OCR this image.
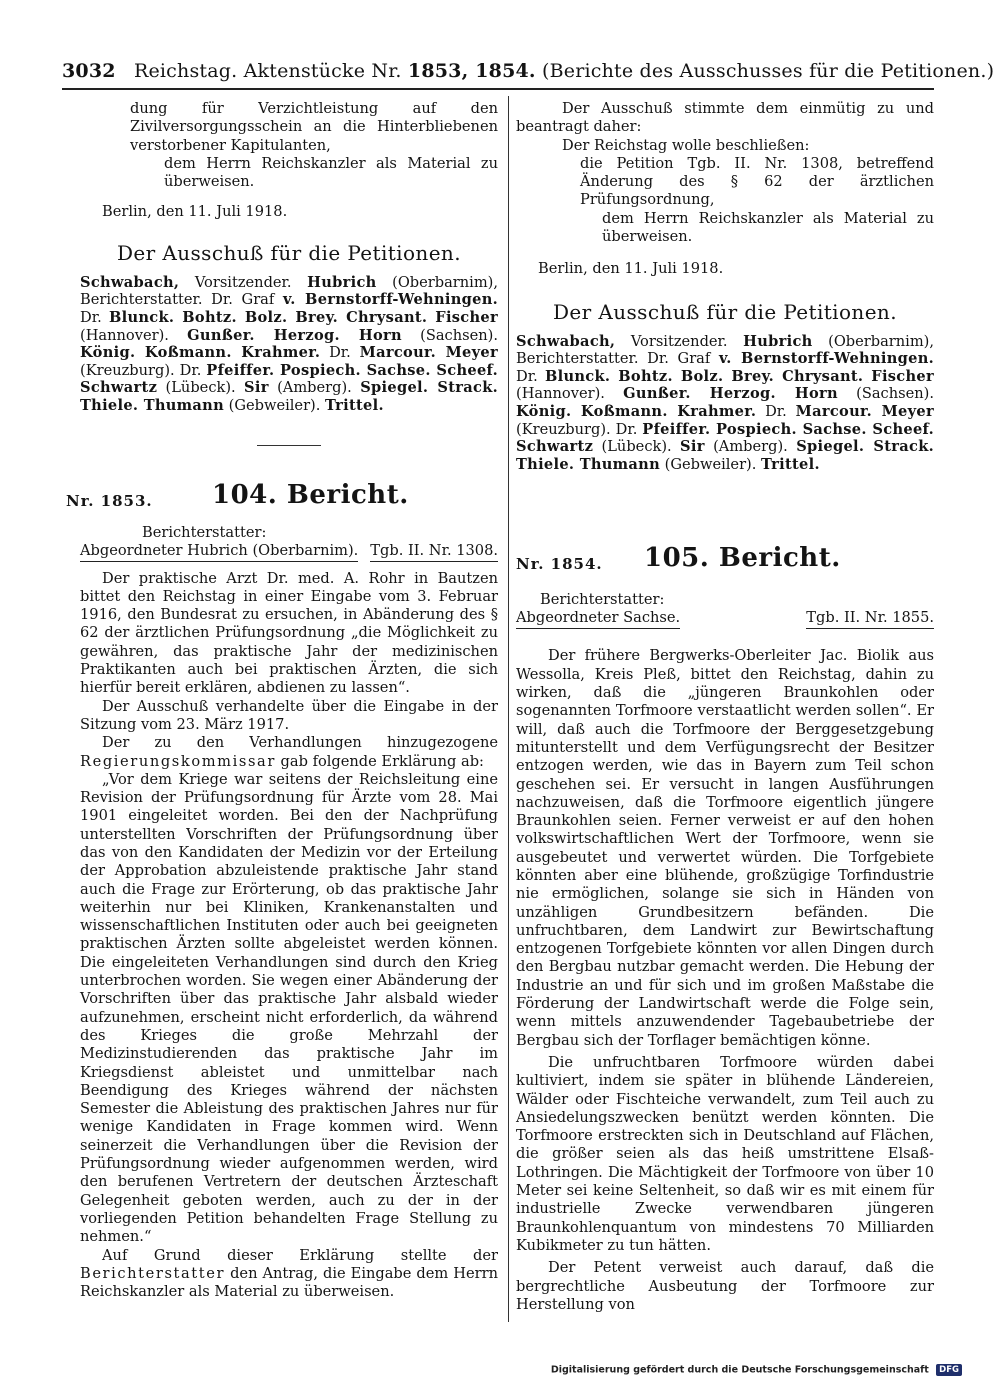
3032 Reichstag. Aktenstücke Nr. 1853, 1854. (Berichte des Ausschusses für die Petitionen.)

dung für Verzichtleistung auf den Zivilversorgungsschein an die Hinterbliebenen verstorbener Kapitulanten,

dem Herrn Reichskanzler als Material zu überweisen.

Berlin, den 11. Juli 1918.

Der Ausschuß für die Petitionen.

Schwabach, Vorsitzender. Hubrich (Oberbarnim), Berichterstatter. Dr. Graf v. Bernstorff-Wehningen. Dr. Blunck. Bohtz. Bolz. Brey. Chrysant. Fischer (Hannover). Gunßer. Herzog. Horn (Sachsen). König. Koßmann. Krahmer. Dr. Marcour. Meyer (Kreuzburg). Dr. Pfeiffer. Pospiech. Sachse. Scheef. Schwartz (Lübeck). Sir (Amberg). Spiegel. Strack. Thiele. Thumann (Gebweiler). Trittel.

Nr. 1853. 104. Bericht.

Berichterstatter:

Abgeordneter Hubrich (Oberbarnim). Tgb. II. Nr. 1308.

Der praktische Arzt Dr. med. A. Rohr in Bautzen bittet den Reichstag in einer Eingabe vom 3. Februar 1916, den Bundesrat zu ersuchen, in Abänderung des § 62 der ärztlichen Prüfungsordnung „die Möglichkeit zu gewähren, das praktische Jahr der medizinischen Praktikanten auch bei praktischen Ärzten, die sich hierfür bereit erklären, abdienen zu lassen“.

Der Ausschuß verhandelte über die Eingabe in der Sitzung vom 23. März 1917.

Der zu den Verhandlungen hinzugezogene Regierungskommissar gab folgende Erklärung ab:

„Vor dem Kriege war seitens der Reichsleitung eine Revision der Prüfungsordnung für Ärzte vom 28. Mai 1901 eingeleitet worden. Bei den der Nachprüfung unterstellten Vorschriften der Prüfungsordnung über das von den Kandidaten der Medizin vor der Erteilung der Approbation abzuleistende praktische Jahr stand auch die Frage zur Erörterung, ob das praktische Jahr weiterhin nur bei Kliniken, Krankenanstalten und wissenschaftlichen Instituten oder auch bei geeigneten praktischen Ärzten sollte abgeleistet werden können. Die eingeleiteten Verhandlungen sind durch den Krieg unterbrochen worden. Sie wegen einer Abänderung der Vorschriften über das praktische Jahr alsbald wieder aufzunehmen, erscheint nicht erforderlich, da während des Krieges die große Mehrzahl der Medizinstudierenden das praktische Jahr im Kriegsdienst ableistet und unmittelbar nach Beendigung des Krieges während der nächsten Semester die Ableistung des praktischen Jahres nur für wenige Kandidaten in Frage kommen wird. Wenn seinerzeit die Verhandlungen über die Revision der Prüfungsordnung wieder aufgenommen werden, wird den berufenen Vertretern der deutschen Ärzteschaft Gelegenheit geboten werden, auch zu der in der vorliegenden Petition behandelten Frage Stellung zu nehmen.“

Auf Grund dieser Erklärung stellte der Berichterstatter den Antrag, die Eingabe dem Herrn Reichskanzler als Material zu überweisen.

Der Ausschuß stimmte dem einmütig zu und beantragt daher:

Der Reichstag wolle beschließen:

die Petition Tgb. II. Nr. 1308, betreffend Änderung des § 62 der ärztlichen Prüfungsordnung,

dem Herrn Reichskanzler als Material zu überweisen.

Berlin, den 11. Juli 1918.

Der Ausschuß für die Petitionen.

Schwabach, Vorsitzender. Hubrich (Oberbarnim), Berichterstatter. Dr. Graf v. Bernstorff-Wehningen. Dr. Blunck. Bohtz. Bolz. Brey. Chrysant. Fischer (Hannover). Gunßer. Herzog. Horn (Sachsen). König. Koßmann. Krahmer. Dr. Marcour. Meyer (Kreuzburg). Dr. Pfeiffer. Pospiech. Sachse. Scheef. Schwartz (Lübeck). Sir (Amberg). Spiegel. Strack. Thiele. Thumann (Gebweiler). Trittel.

Nr. 1854. 105. Bericht.

Berichterstatter:

Abgeordneter Sachse.	Tgb. II. Nr. 1855.

Der frühere Bergwerks-Oberleiter Jac. Biolik aus Wessolla, Kreis Pleß, bittet den Reichstag, dahin zu wirken, daß die „jüngeren Braunkohlen oder sogenannten Torfmoore verstaatlicht werden sollen“. Er will, daß auch die Torfmoore der Berggesetzgebung mitunterstellt und dem Verfügungsrecht der Besitzer entzogen werden, wie das in Bayern zum Teil schon geschehen sei. Er versucht in langen Ausführungen nachzuweisen, daß die Torfmoore eigentlich jüngere Braunkohlen seien. Ferner verweist er auf den hohen volkswirtschaftlichen Wert der Torfmoore, wenn sie ausgebeutet und verwertet würden. Die Torfgebiete könnten aber eine blühende, großzügige Torfindustrie nie ermöglichen, solange sie sich in Händen von unzähligen Grundbesitzern befänden. Die unfruchtbaren, dem Landwirt zur Bewirtschaftung entzogenen Torfgebiete könnten vor allen Dingen durch den Bergbau nutzbar gemacht werden. Die Hebung der Industrie an und für sich und im großen Maßstabe die Förderung der Landwirtschaft werde die Folge sein, wenn mittels anzuwendender Tagebaubetriebe der Bergbau sich der Torflager bemächtigen könne.

Die unfruchtbaren Torfmoore würden dabei kultiviert, indem sie später in blühende Ländereien, Wälder oder Fischteiche verwandelt, zum Teil auch zu Ansiedelungszwecken benützt werden könnten. Die Torfmoore erstreckten sich in Deutschland auf Flächen, die größer seien als das heiß umstrittene Elsaß-Lothringen. Die Mächtigkeit der Torfmoore von über 10 Meter sei keine Seltenheit, so daß wir es mit einem für industrielle Zwecke verwendbaren jüngeren Braunkohlenquantum von mindestens 70 Milliarden Kubikmeter zu tun hätten.

Der Petent verweist auch darauf, daß die bergrechtliche Ausbeutung der Torfmoore zur Herstellung von

Digitalisierung gefördert durch die Deutsche Forschungsgemeinschaft DFG
